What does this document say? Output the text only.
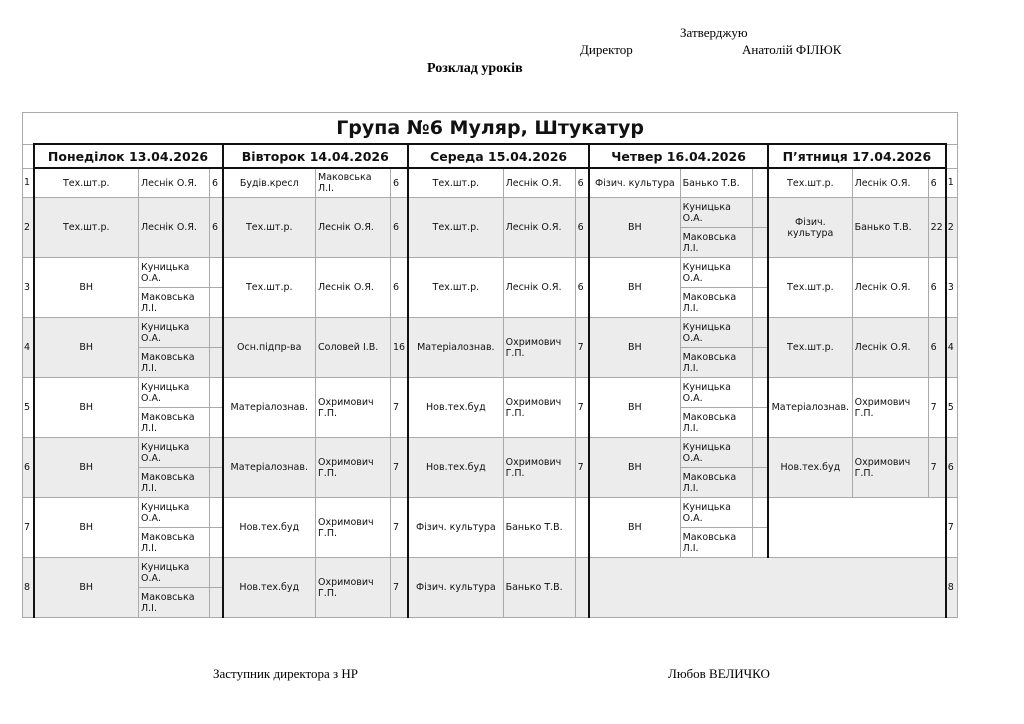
Затверджую
Директор	Анатолій ФІЛЮК
Розклад уроків
Група №6 Муляр, Штукатур																
	Понеділок 13.04.2026			Вівторок 14.04.2026			Середа 15.04.2026			Четвер 16.04.2026			П’ятниця 17.04.2026			
1	Тех.шт.р.	Леснік О.Я.	6	Будів.кресл	Маковська Л.І.	6	Тех.шт.р.	Леснік О.Я.	6	Фізич. культура	Банько Т.В.		Тех.шт.р.	Леснік О.Я.	6	1
2	Тех.шт.р.	Леснік О.Я.	6	Тех.шт.р.	Леснік О.Я.	6	Тех.шт.р.	Леснік О.Я.	6	ВН	Куницька О.А.		Фізич. культура	Банько Т.В.	22	2
											Маковська Л.І.					
3	ВН	Куницька О.А.		Тех.шт.р.	Леснік О.Я.	6	Тех.шт.р.	Леснік О.Я.	6	ВН	Куницька О.А.		Тех.шт.р.	Леснік О.Я.	6	3
		Маковська Л.І.									Маковська Л.І.					
4	ВН	Куницька О.А.		Осн.підпр-ва	Соловей І.В.	16	Матеріалознав.	Охримович Г.П.	7	ВН	Куницька О.А.		Тех.шт.р.	Леснік О.Я.	6	4
		Маковська Л.І.									Маковська Л.І.					
5	ВН	Куницька О.А.		Матеріалознав.	Охримович Г.П.	7	Нов.тех.буд	Охримович Г.П.	7	ВН	Куницька О.А.		Матеріалознав.	Охримович Г.П.	7	5
		Маковська Л.І.									Маковська Л.І.					
6	ВН	Куницька О.А.		Матеріалознав.	Охримович Г.П.	7	Нов.тех.буд	Охримович Г.П.	7	ВН	Куницька О.А.		Нов.тех.буд	Охримович Г.П.	7	6
		Маковська Л.І.									Маковська Л.І.					
7	ВН	Куницька О.А.		Нов.тех.буд	Охримович Г.П.	7	Фізич. культура	Банько Т.В.		ВН	Куницька О.А.					7
		Маковська Л.І.									Маковська Л.І.					
8	ВН	Куницька О.А.		Нов.тех.буд	Охримович Г.П.	7	Фізич. культура	Банько Т.В.								8
		Маковська Л.І.														
Заступник директора з НР	Любов ВЕЛИЧКО
